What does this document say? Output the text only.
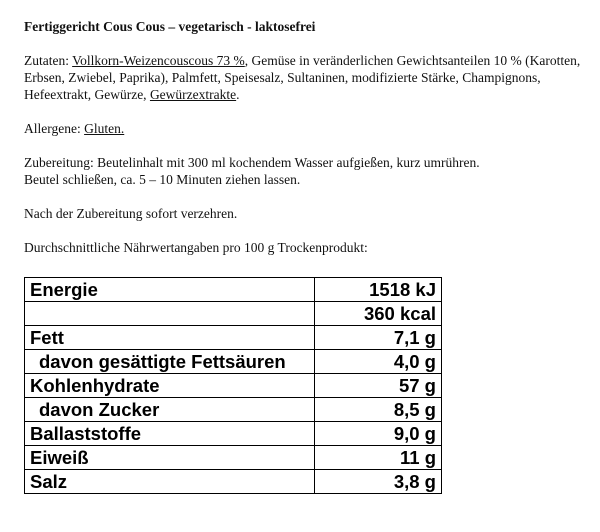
Fertiggericht Cous Cous – vegetarisch - laktosefrei
Zutaten: Vollkorn-Weizencouscous 73 %, Gemüse in veränderlichen Gewichtsanteilen 10 % (Karotten, Erbsen, Zwiebel, Paprika), Palmfett, Speisesalz, Sultaninen, modifizierte Stärke, Champignons, Hefeextrakt, Gewürze, Gewürzextrakte.
Allergene: Gluten.
Zubereitung: Beutelinhalt mit 300 ml kochendem Wasser aufgießen, kurz umrühren.
Beutel schließen, ca. 5 – 10 Minuten ziehen lassen.
Nach der Zubereitung sofort verzehren.
Durchschnittliche Nährwertangaben pro 100 g Trockenprodukt:
Energie	1518 kJ
	360 kcal
Fett	7,1 g
davon gesättigte Fettsäuren	4,0 g
Kohlenhydrate	57 g
davon Zucker	8,5 g
Ballaststoffe	9,0 g
Eiweiß	11 g
Salz	3,8 g
